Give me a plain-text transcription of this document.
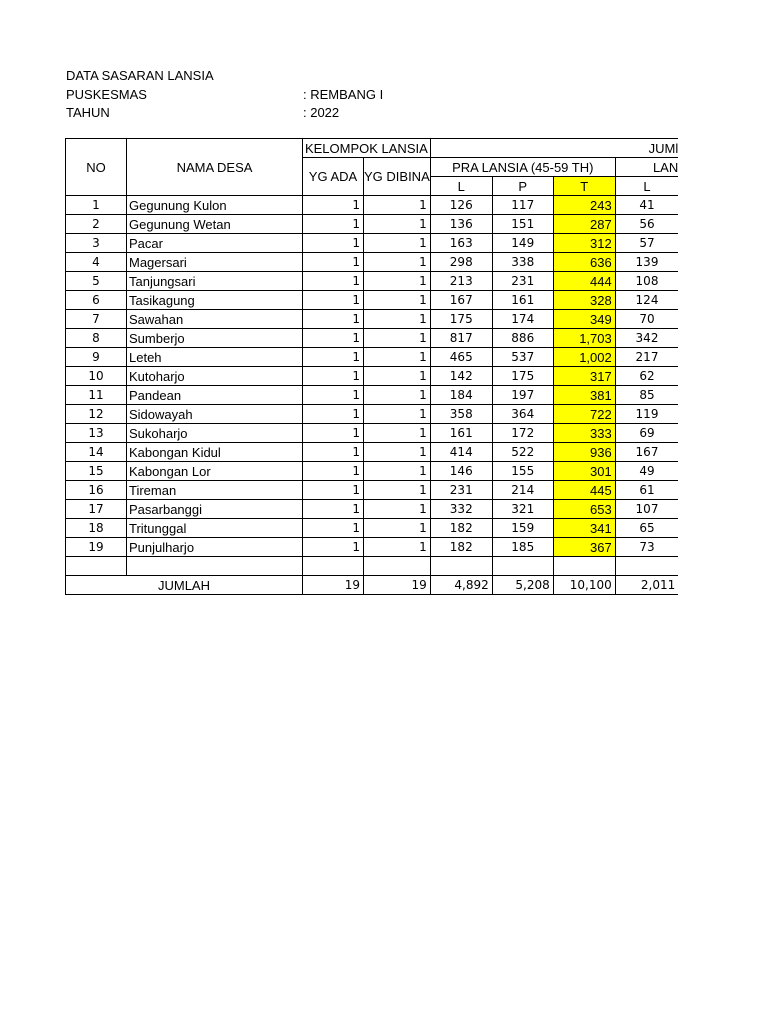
DATA SASARAN LANSIA
PUSKESMAS	: REMBANG I
TAHUN	: 2022
NO	NAMA DESA	KELOMPOK LANSIA		JUMl			
		YG ADA	YG DIBINA	PRA LANSIA (45-59 TH)			LAN
				L	P	T	L
1	Gegunung Kulon	1	1	126	117	243	41
2	Gegunung Wetan	1	1	136	151	287	56
3	Pacar	1	1	163	149	312	57
4	Magersari	1	1	298	338	636	139
5	Tanjungsari	1	1	213	231	444	108
6	Tasikagung	1	1	167	161	328	124
7	Sawahan	1	1	175	174	349	70
8	Sumberjo	1	1	817	886	1,703	342
9	Leteh	1	1	465	537	1,002	217
10	Kutoharjo	1	1	142	175	317	62
11	Pandean	1	1	184	197	381	85
12	Sidowayah	1	1	358	364	722	119
13	Sukoharjo	1	1	161	172	333	69
14	Kabongan Kidul	1	1	414	522	936	167
15	Kabongan Lor	1	1	146	155	301	49
16	Tireman	1	1	231	214	445	61
17	Pasarbanggi	1	1	332	321	653	107
18	Tritunggal	1	1	182	159	341	65
19	Punjulharjo	1	1	182	185	367	73

JUMLAH		19	19	4,892	5,208	10,100	2,011
